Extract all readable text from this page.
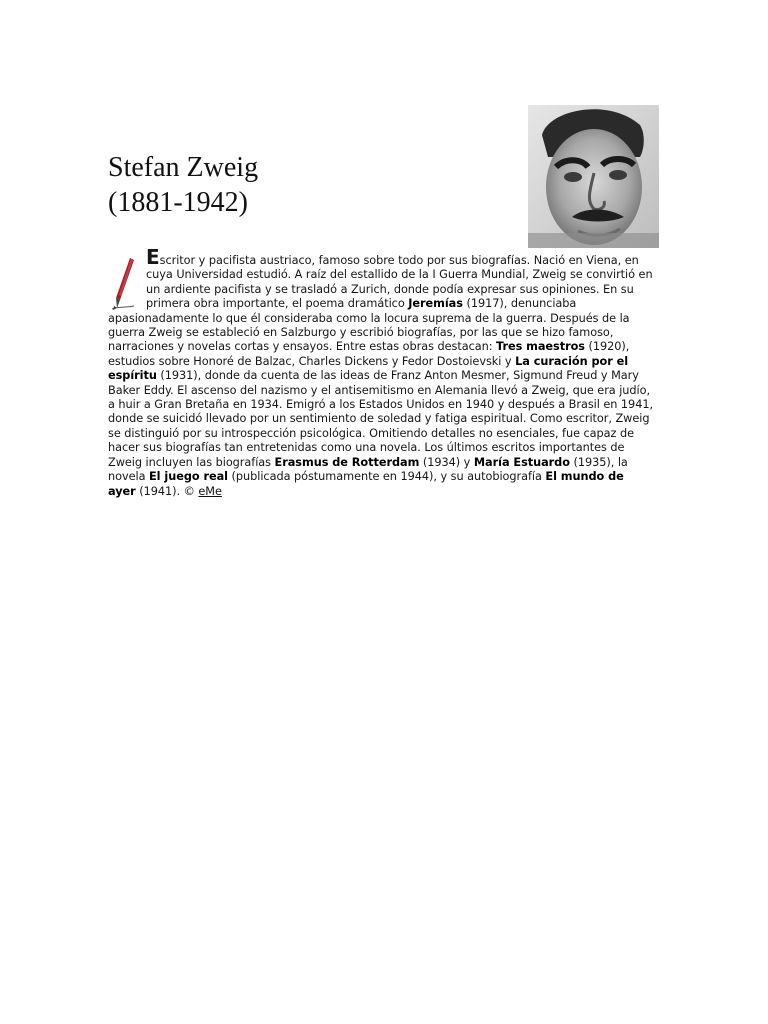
Stefan Zweig
(1881-1942)
Escritor y pacifista austriaco, famoso sobre todo por sus biografías. Nació en Viena, en cuya Universidad estudió. A raíz del estallido de la I Guerra Mundial, Zweig se convirtió en un ardiente pacifista y se trasladó a Zurich, donde podía expresar sus opiniones. En su primera obra importante, el poema dramático Jeremías (1917), denunciaba apasionadamente lo que él consideraba como la locura suprema de la guerra. Después de la guerra Zweig se estableció en Salzburgo y escribió biografías, por las que se hizo famoso, narraciones y novelas cortas y ensayos. Entre estas obras destacan: Tres maestros (1920), estudios sobre Honoré de Balzac, Charles Dickens y Fedor Dostoievski y La curación por el espíritu (1931), donde da cuenta de las ideas de Franz Anton Mesmer, Sigmund Freud y Mary Baker Eddy. El ascenso del nazismo y el antisemitismo en Alemania llevó a Zweig, que era judío, a huir a Gran Bretaña en 1934. Emigró a los Estados Unidos en 1940 y después a Brasil en 1941, donde se suicidó llevado por un sentimiento de soledad y fatiga espiritual. Como escritor, Zweig se distinguió por su introspección psicológica. Omitiendo detalles no esenciales, fue capaz de hacer sus biografías tan entretenidas como una novela. Los últimos escritos importantes de Zweig incluyen las biografías Erasmus de Rotterdam (1934) y María Estuardo (1935), la novela El juego real (publicada póstumamente en 1944), y su autobiografía El mundo de ayer (1941). © eMe
